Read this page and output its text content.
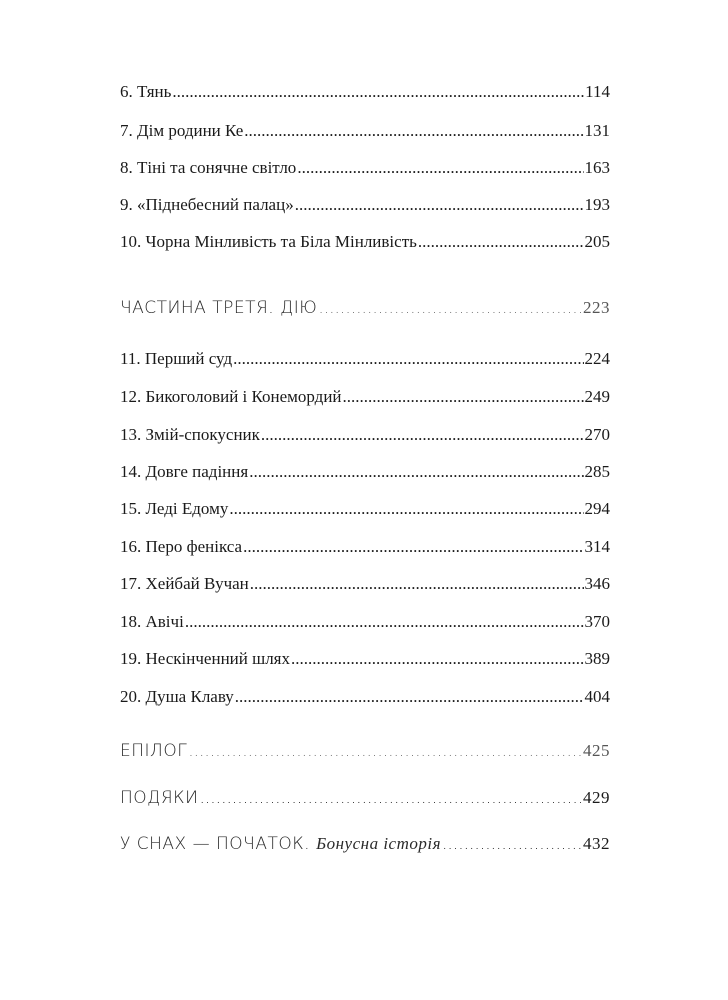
6. Тянь .....	114
7. Дім родини Ке .....	131
8. Тіні та сонячне світло .....	163
9. «Піднебесний палац» .....	193
10. Чорна Мінливість та Біла Мінливість .....	205
ЧАСТИНА ТРЕТЯ. ДІЮ .....	223
11. Перший суд .....	224
12. Бикоголовий і Конемордий .....	249
13. Змій-спокусник .....	270
14. Довге падіння .....	285
15. Леді Едому .....	294
16. Перо фенікса .....	314
17. Хейбай Вучан .....	346
18. Авічі .....	370
19. Нескінченний шлях .....	389
20. Душа Клаву .....	404
ЕПІЛОГ .....	425
ПОДЯКИ .....	429
У СНАХ — ПОЧАТОК. Бонусна історія .....	432
